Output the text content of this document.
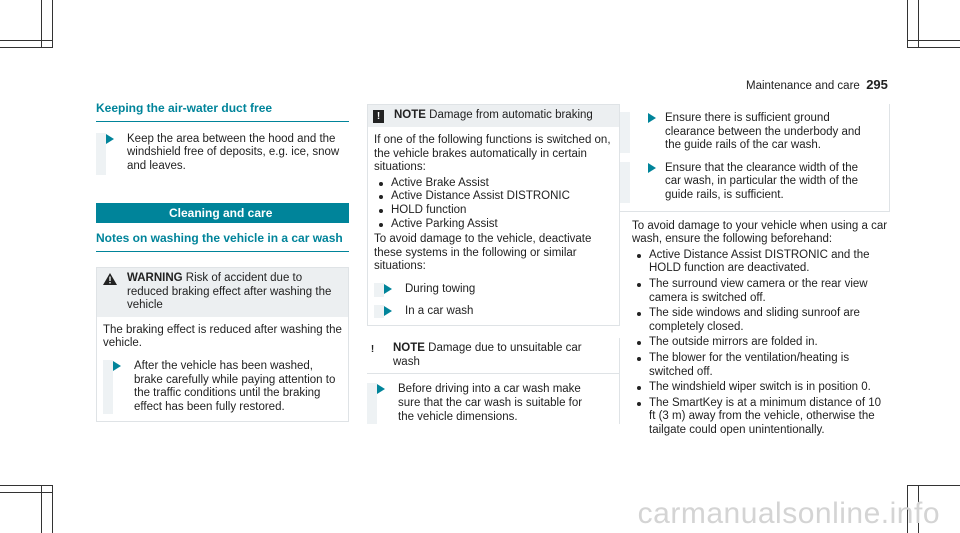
Maintenance and care 295
Keeping the air-water duct free
Keep the area between the hood and the windshield free of deposits, e.g. ice, snow and leaves.
Cleaning and care
Notes on washing the vehicle in a car wash
WARNING Risk of accident due to reduced braking effect after washing the vehicle

The braking effect is reduced after washing the vehicle.

After the vehicle has been washed, brake carefully while paying attention to the traffic conditions until the braking effect has been fully restored.
!	NOTE Damage from automatic braking

If one of the following functions is switched on, the vehicle brakes automatically in certain situations:

Active Brake Assist
Active Distance Assist DISTRONIC
HOLD function
Active Parking Assist

To avoid damage to the vehicle, deactivate these systems in the following or similar situations:

During towing
In a car wash
!	NOTE Damage due to unsuitable car wash
Before driving into a car wash make sure that the car wash is suitable for the vehicle dimensions.
Ensure there is sufficient ground clearance between the underbody and the guide rails of the car wash.
Ensure that the clearance width of the car wash, in particular the width of the guide rails, is sufficient.

To avoid damage to your vehicle when using a car wash, ensure the following beforehand:

Active Distance Assist DISTRONIC and the HOLD function are deactivated.
The surround view camera or the rear view camera is switched off.
The side windows and sliding sunroof are completely closed.
The outside mirrors are folded in.
The blower for the ventilation/heating is switched off.
The windshield wiper switch is in position 0.
The SmartKey is at a minimum distance of 10 ft (3 m) away from the vehicle, otherwise the tailgate could open unintentionally.
carmanualsonline.info
